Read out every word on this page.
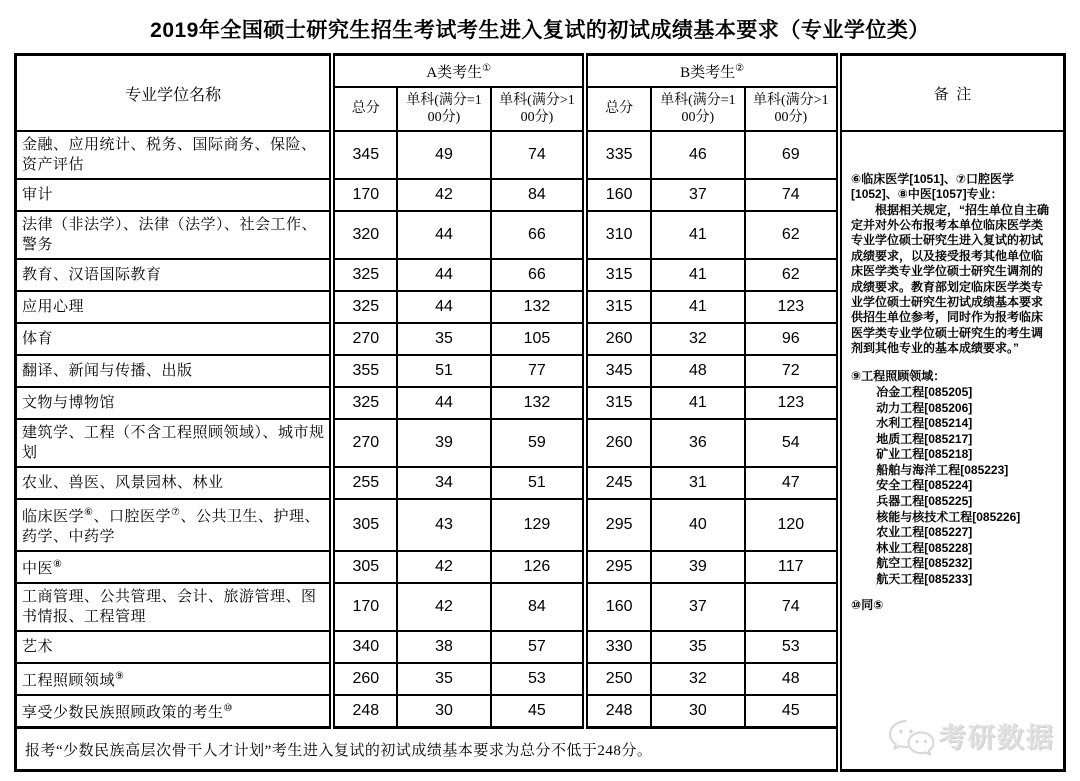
2019年全国硕士研究生招生考试考生进入复试的初试成绩基本要求（专业学位类）
专业学位名称	A类考生①			B类考生②			备  注
	总分	单科(满分=100分)	单科(满分>100分)	总分	单科(满分=100分)	单科(满分>100分)	
金融、应用统计、税务、国际商务、保险、资产评估	345	49	74	335	46	69	
⑥临床医学[1051]、⑦口腔医学[1052]、⑧中医[1057]专业：
根据相关规定，“招生单位自主确定并对外公布报考本单位临床医学类专业学位硕士研究生进入复试的初试成绩要求，以及接受报考其他单位临床医学类专业学位硕士研究生调剂的成绩要求。教育部划定临床医学类专业学位硕士研究生初试成绩基本要求供招生单位参考，同时作为报考临床医学类专业学位硕士研究生的考生调剂到其他专业的基本成绩要求。”
⑨工程照顾领域：
冶金工程[085205]
动力工程[085206]
水利工程[085214]
地质工程[085217]
矿业工程[085218]
船舶与海洋工程[085223]
安全工程[085224]
兵器工程[085225]
核能与核技术工程[085226]
农业工程[085227]
林业工程[085228]
航空工程[085232]
航天工程[085233]
⑩同⑤
考研数据

审计	170	42	84	160	37	74	
法律（非法学）、法律（法学）、社会工作、警务	320	44	66	310	41	62	
教育、汉语国际教育	325	44	66	315	41	62	
应用心理	325	44	132	315	41	123	
体育	270	35	105	260	32	96	
翻译、新闻与传播、出版	355	51	77	345	48	72	
文物与博物馆	325	44	132	315	41	123	
建筑学、工程（不含工程照顾领域）、城市规划	270	39	59	260	36	54	
农业、兽医、风景园林、林业	255	34	51	245	31	47	
临床医学⑥、口腔医学⑦、公共卫生、护理、药学、中药学	305	43	129	295	40	120	
中医⑧	305	42	126	295	39	117	
工商管理、公共管理、会计、旅游管理、图书情报、工程管理	170	42	84	160	37	74	
艺术	340	38	57	330	35	53	
工程照顾领域⑨	260	35	53	250	32	48	
享受少数民族照顾政策的考生⑩	248	30	45	248	30	45	
报考“少数民族高层次骨干人才计划”考生进入复试的初试成绩基本要求为总分不低于248分。							
